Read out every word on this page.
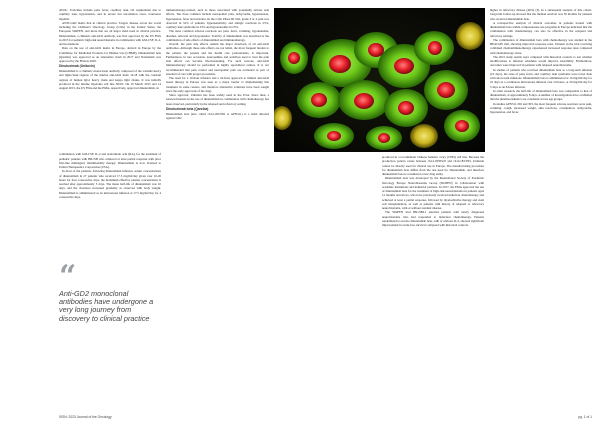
AVOC. Toxicities include pain, fever, capillary leak, O2 requirement due to capillary leak, hypotension, and in severe but uncommon cases, transverse myelitis.

ANTI-GD2 mAbs that in clinical practice: Targets disease across the world including the Children's Oncology Group (COG) in the United States, the European SIOPEN, and more that are all major mAb used in clinical practice. Dinutuximab, a chimeric anti-GD2 antibody, was first approved by the US FDA in 2015 for pediatric high-risk neuroblastoma in combination with GM-CSF, IL-2, and isotretinoin.

Data on the use of anti-GD2 mAbs in Europe, derived in Europe by the Committee for Medicinal Products for Human Use (CHMP), Dinutuximab beta (Qarziba) was approved as an alternative mAb in 2017 and Naxitamab was approved by the FDA in 2020.

Dinutuximab (Unituxin)

Dinutuximab is a chimeric monoclonal antibody composed of the variable heavy and light-chain regions of the murine anti-GD2 mAb 14.18 with the constant regions of human IgG1 heavy chain and kappa light chains. It was initially produced in the murine myeloma cell line SP2/0. On 10 March 2015 and 14 August 2015, the US FDA and the EMA, respectively, approved dinutuximab, in

combination with GM-CSF, IL-2 and isotretinoin acid (RA), for the treatment of pediatric patients with HR-NB who achieved at least partial response with prior first-line multiagent, multimodality therapy. Dinutuximab is now licensed to United Therapeutics Corporation (USA).

In most of the patients, following dinutuximab infusion, serum concentrations of dinutuximab in 27 patients who received 17.5 mg/m2/day given over 10-20 hours for four consecutive days, the maximum effective plasma concentration is reached after approximately 5 days. The mean half-life of dinutuximab was 10 days, and the clearance increased gradually as observed with body weight. Dinutuximab is administered as an intravenous infusion at 17.5 mg/m2/day for 4 consecutive days.

“
Anti-GD2 monoclonal antibodies have undergone a very long journey from discovery to clinical practice

immunotherapy-related, such as those associated with potentially serious side effects. The most common include neuropathic pain, tachycardia, hypertension, hypotension, fever and urticaria. In the COG Phase III trial, grade 3 or 4 pain was observed in 52% of patients, hypersensitivity and allergic reactions in 25%, capillary leak syndrome in 23% and hyponatremia in 23%.

The most common adverse reactions are pain, fever, vomiting, hypokalemia, diarrhea, urticaria and hypotension. Toxicity of dinutuximab was described as the combination of side effects of dinutuximab and immunotherapy.

Overall, the pain side effects remain the major drawback of all anti-GD2 antibodies. Although these side effects are not lethal, the most frequent burden to the patient, the parents and the health care professionals, is important. Furthermore, in rare occasions, neuropathies and sedatives used to treat the pain side effects can become life-threatening. For such reasons, anti-GD2 immunotherapy should be performed in highly specialized centres. It is not recommended that pain control and neuropathic pain are evaluated as part of standard of care with proper procedures.

The need for a 10-hour infusion and a 24-hour approach to limited anti-GD2 based therapy in Europe was seen as a major barrier to implementing this treatment in some centers, and therefore alternative solutions have been sought since the early approvals of the drug.

Since approval, Unituxin has been widely used in the USA. Since then, a renewed interest in the use of dinutuximab in combination with chemotherapy has been observed, particularly in the relapsed and refractory setting.

Dinutuximab beta (Qarziba)

Dinutuximab beta (also called ch14.18/CHO or APN311) is a mAb directed against GD2

produced in a recombinant Chinese hamster ovary (CHO) cell line. Because the production pattern varies between ch14.18/SP2/0 and ch14.18/CHO, Unituxin cannot be directly used for clinical use in Europe. The manufacturing procedure for dinutuximab beta differs from the one used for dinutuximab, and therefore dinutuximab beta is considered a new drug entity.

Dinutuximab beta was developed by the International Society of Paediatric Oncology Europe Neuroblastoma Group (SIOPEN) in collaboration with academic institutions and industrial partners. In 2017, the EMA approved the use of dinutuximab beta for the treatment of high-risk neuroblastoma in patients aged 12 months and above, who have previously received induction chemotherapy and achieved at least a partial response, followed by myeloablative therapy and stem cell transplantation, as well as patients with history of relapsed or refractory neuroblastoma, with or without residual disease.

The SIOPEN trial HR-NBL1 enrolled patients with newly diagnosed neuroblastoma who had responded to induction chemotherapy. Patients randomized to receive dinutuximab beta, with or without IL-2, showed significant improvement in event-free survival compared with historical controls.

higher in refractory disease (46%) (3). In a subsequent analysis of this cohort, long-term follow-up showed that the median survival was 50 months for patients who received dinutuximab beta.

A retrospective analysis of clinical outcomes in patients treated with dinutuximab beta within compassionate use programs in Europe indicated that the combination with chemotherapy can also be effective in the relapsed and refractory settings.

The combination of dinutuximab beta with chemotherapy was studied in the BEACON trial, showing improved response rates. Patients in the trial receiving combined chemoimmunotherapy experienced increased response rates compared with chemotherapy alone.

The 2021 study results were compared with historical controls to test whether modifications to infusion schedules would improve tolerability. Furthermore, outcomes were improved in patients with relapsed neuroblastoma.

In studies of patients who received dinutuximab beta as a long-term infusion (10 days), the rates of pain, fever, and capillary leak syndrome were lower than with short-term infusions. Dinutuximab beta is administered at 10 mg/m2/day for 10 days as a continuous intravenous infusion over 24 hours, or 20 mg/m2/day for 5 days as an 8-hour infusion.

In other research, the half-life of dinutuximab beta was comparable to that of dinutuximab, at approximately 8 days. A number of investigations have confirmed that the pharmacokinetics are consistent across age groups.

In studies APN311-302 and 303, the most frequent adverse reactions were pain, vomiting, cough, increased weight, skin reactions, constipation, tachycardia, hypotension, and fever.

ISSN: 2023 Journal of the Oncology	pg. 1 of 1
